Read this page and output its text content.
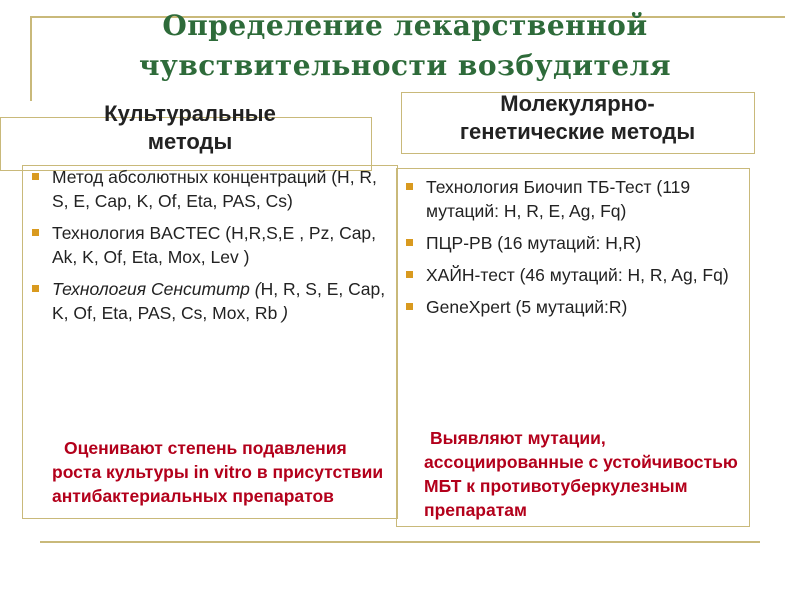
Определение лекарственной
чувствительности возбудителя
Культуральные
методы
Метод абсолютных концентраций (H, R, S, E, Cap, K, Of, Eta, PAS, Cs)
Технология BACTEC (H,R,S,E , Pz, Cap, Ak, K, Of, Eta, Mox, Lev )
Технология Сенсититр (H, R, S, E, Cap, K, Of, Eta, PAS, Cs, Mox, Rb )
Оценивают степень подавления роста культуры in vitro в присутствии антибактериальных препаратов
Молекулярно-
генетические методы
Технология Биочип ТБ-Тест (119 мутаций: H, R, E, Ag, Fq)
ПЦР-РВ (16 мутаций: H,R)
ХАЙН-тест (46 мутаций: H, R, Ag, Fq)
GeneXpert (5 мутаций:R)
Выявляют мутации, ассоциированные с устойчивостью МБТ к противотуберкулезным препаратам
